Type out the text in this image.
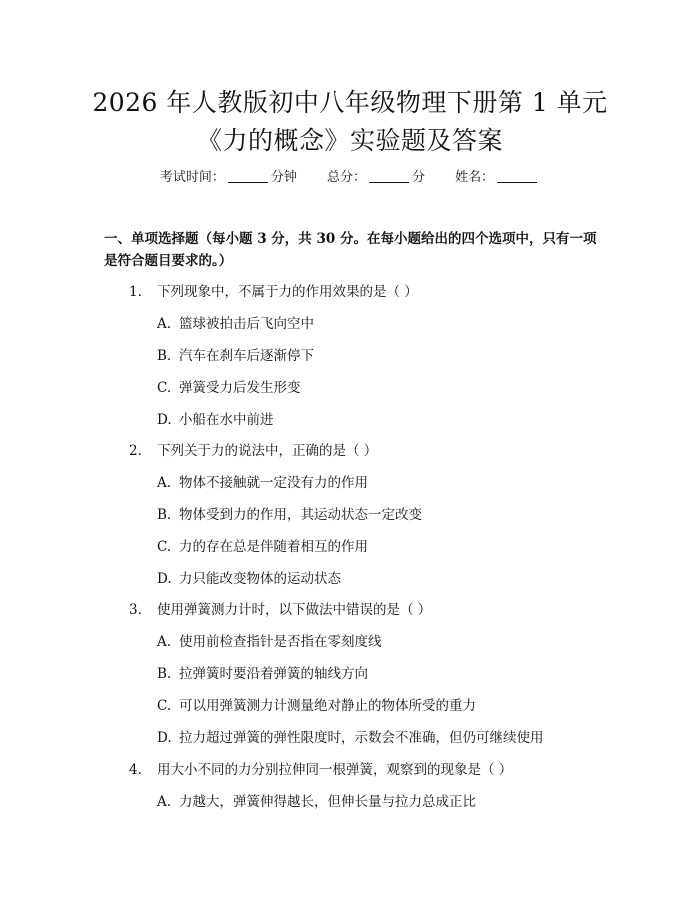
2026 年人教版初中八年级物理下册第 1 单元
《力的概念》实验题及答案
考试时间：	分钟 总分：	分 姓名：
一、单项选择题（每小题 3 分，共 30 分。在每小题给出的四个选项中，只有一项是符合题目要求的。）
1. 下列现象中，不属于力的作用效果的是（ ）
A. 篮球被拍击后飞向空中
B. 汽车在刹车后逐渐停下
C. 弹簧受力后发生形变
D. 小船在水中前进
2. 下列关于力的说法中，正确的是（ ）
A. 物体不接触就一定没有力的作用
B. 物体受到力的作用，其运动状态一定改变
C. 力的存在总是伴随着相互的作用
D. 力只能改变物体的运动状态
3. 使用弹簧测力计时，以下做法中错误的是（ ）
A. 使用前检查指针是否指在零刻度线
B. 拉弹簧时要沿着弹簧的轴线方向
C. 可以用弹簧测力计测量绝对静止的物体所受的重力
D. 拉力超过弹簧的弹性限度时，示数会不准确，但仍可继续使用
4. 用大小不同的力分别拉伸同一根弹簧，观察到的现象是（ ）
A. 力越大，弹簧伸得越长，但伸长量与拉力总成正比
